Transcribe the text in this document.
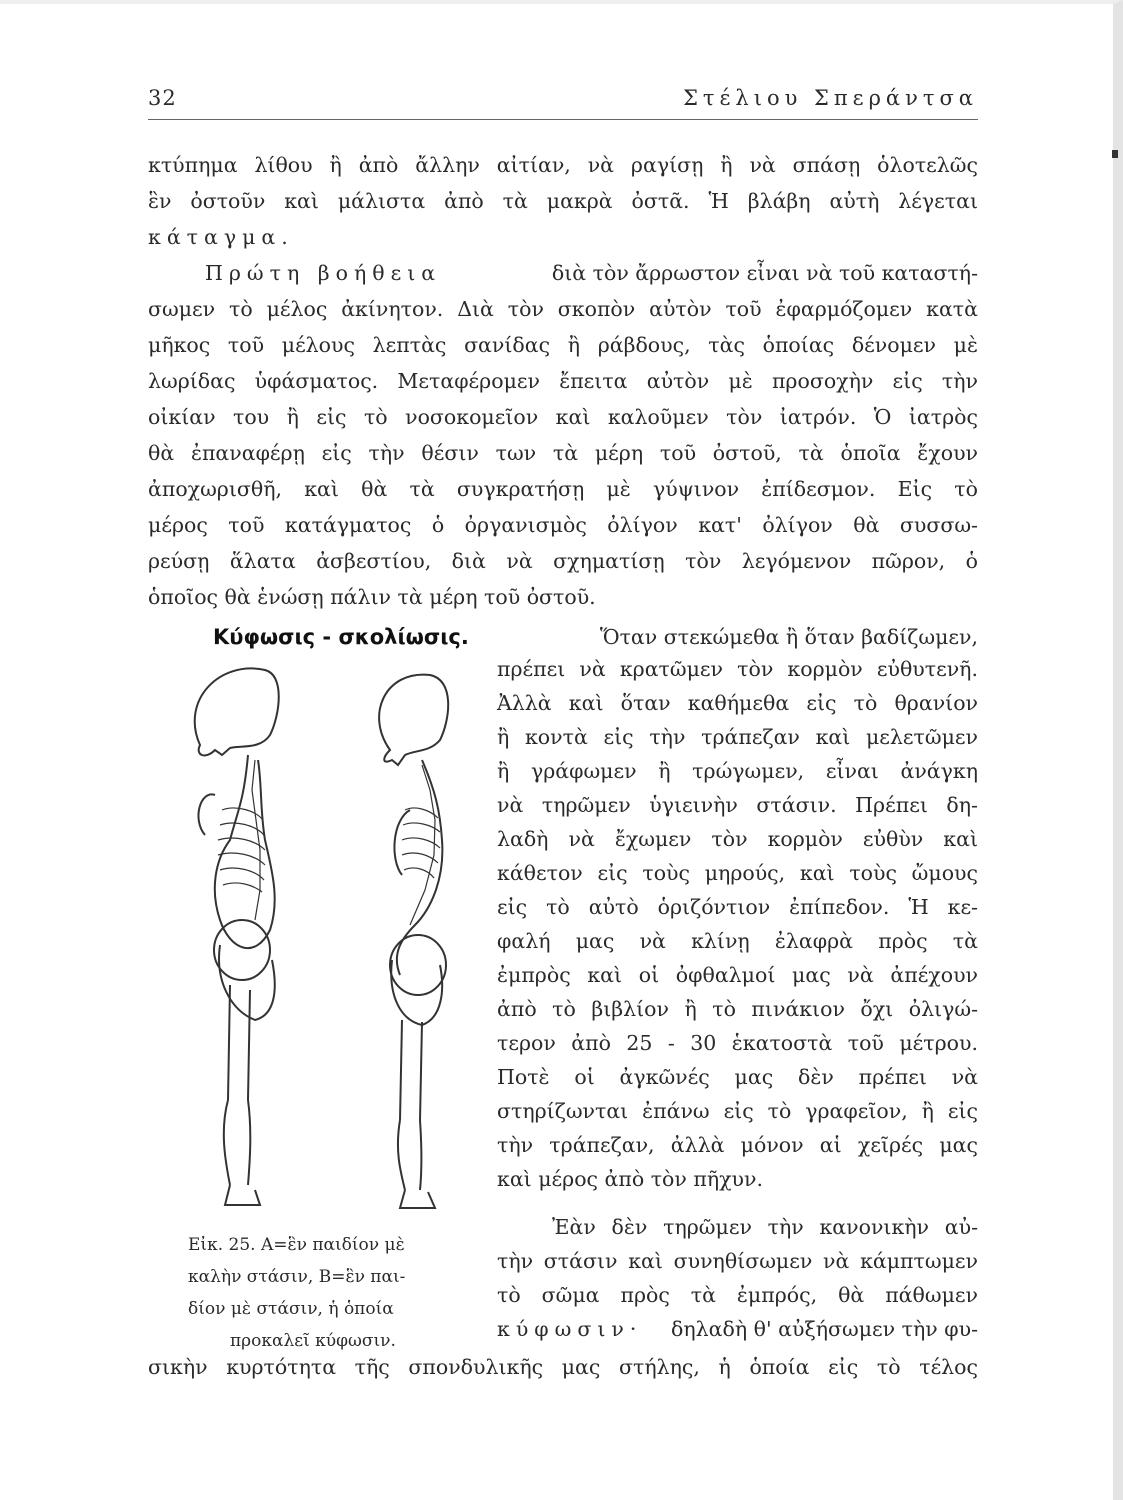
32	Στέλιου Σπεράντσα
κτύπημα λίθου ἢ ἀπὸ ἄλλην αἰτίαν, νὰ ραγίσῃ ἢ νὰ σπάσῃ ὁλοτελῶς
ἓν ὀστοῦν καὶ μάλιστα ἀπὸ τὰ μακρὰ ὀστᾶ. Ἡ βλάβη αὐτὴ λέγεται
κάταγμα.
Πρώτη βοήθεια	διὰ τὸν ἄρρωστον εἶναι νὰ τοῦ καταστή-
σωμεν τὸ μέλος ἀκίνητον. Διὰ τὸν σκοπὸν αὐτὸν τοῦ ἐφαρμόζομεν κατὰ
μῆκος τοῦ μέλους λεπτὰς σανίδας ἢ ράβδους, τὰς ὁποίας δένομεν μὲ
λωρίδας ὑφάσματος. Μεταφέρομεν ἔπειτα αὐτὸν μὲ προσοχὴν εἰς τὴν
οἰκίαν του ἢ εἰς τὸ νοσοκομεῖον καὶ καλοῦμεν τὸν ἰατρόν. Ὁ ἰατρὸς
θὰ ἐπαναφέρῃ εἰς τὴν θέσιν των τὰ μέρη τοῦ ὀστοῦ, τὰ ὁποῖα ἔχουν
ἀποχωρισθῆ, καὶ θὰ τὰ συγκρατήσῃ μὲ γύψινον ἐπίδεσμον. Εἰς τὸ
μέρος τοῦ κατάγματος ὁ ὀργανισμὸς ὀλίγον κατ' ὀλίγον θὰ συσσω-
ρεύσῃ ἅλατα ἀσβεστίου, διὰ νὰ σχηματίσῃ τὸν λεγόμενον πῶρον, ὁ
ὁποῖος θὰ ἑνώσῃ πάλιν τὰ μέρη τοῦ ὀστοῦ.
Κύφωσις - σκολίωσις.	Ὅταν στεκώμεθα ἢ ὅταν βαδίζωμεν,
πρέπει νὰ κρατῶμεν τὸν κορμὸν εὐθυτενῆ.
Ἀλλὰ καὶ ὅταν καθήμεθα εἰς τὸ θρανίον
ἢ κοντὰ εἰς τὴν τράπεζαν καὶ μελετῶμεν
ἢ γράφωμεν ἢ τρώγωμεν, εἶναι ἀνάγκη
νὰ τηρῶμεν ὑγιεινὴν στάσιν. Πρέπει δη-
λαδὴ νὰ ἔχωμεν τὸν κορμὸν εὐθὺν καὶ
κάθετον εἰς τοὺς μηρούς, καὶ τοὺς ὤμους
εἰς τὸ αὐτὸ ὁριζόντιον ἐπίπεδον. Ἡ κε-
φαλή μας νὰ κλίνῃ ἐλαφρὰ πρὸς τὰ
ἐμπρὸς καὶ οἱ ὀφθαλμοί μας νὰ ἀπέχουν
ἀπὸ τὸ βιβλίον ἢ τὸ πινάκιον ὄχι ὀλιγώ-
τερον ἀπὸ 25 - 30 ἑκατοστὰ τοῦ μέτρου.
Ποτὲ οἱ ἀγκῶνές μας δὲν πρέπει νὰ
στηρίζωνται ἐπάνω εἰς τὸ γραφεῖον, ἢ εἰς
τὴν τράπεζαν, ἀλλὰ μόνον αἱ χεῖρές μας
καὶ μέρος ἀπὸ τὸν πῆχυν.
Ἐὰν δὲν τηρῶμεν τὴν κανονικὴν αὐ-
τὴν στάσιν καὶ συνηθίσωμεν νὰ κάμπτωμεν
τὸ σῶμα πρὸς τὰ ἐμπρός, θὰ πάθωμεν
κύφωσιν· δηλαδὴ θ' αὐξήσωμεν τὴν φυ-
σικὴν κυρτότητα τῆς σπονδυλικῆς μας στήλης, ἡ ὁποία εἰς τὸ τέλος
Εἰκ. 25. Α=ἓν παιδίον μὲ
καλὴν στάσιν, Β=ἓν παι-
δίον μὲ στάσιν, ἡ ὁποία
προκαλεῖ κύφωσιν.
